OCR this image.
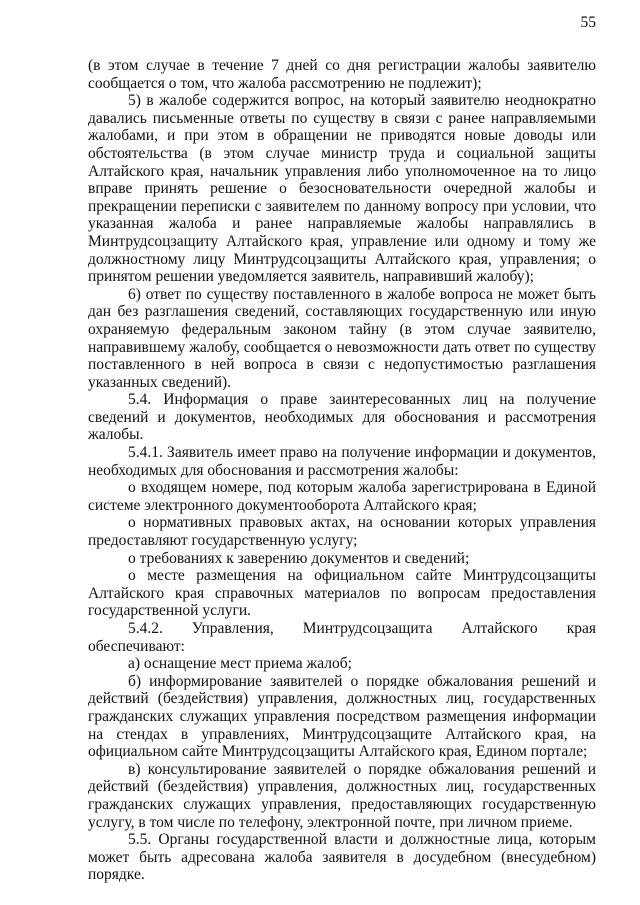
55

(в этом случае в течение 7 дней со дня регистрации жалобы заявителю сообщается о том, что жалоба рассмотрению не подлежит);

5) в жалобе содержится вопрос, на который заявителю неоднократно давались письменные ответы по существу в связи с ранее направляемыми жалобами, и при этом в обращении не приводятся новые доводы или обстоятельства (в этом случае министр труда и социальной защиты Алтайского края, начальник управления либо уполномоченное на то лицо вправе принять решение о безосновательности очередной жалобы и прекращении переписки с заявителем по данному вопросу при условии, что указанная жалоба и ранее направляемые жалобы направлялись в Минтрудсоцзащиту Алтайского края, управление или одному и тому же должностному лицу Минтрудсоцзащиты Алтайского края, управления; о принятом решении уведомляется заявитель, направивший жалобу);

6) ответ по существу поставленного в жалобе вопроса не может быть дан без разглашения сведений, составляющих государственную или иную охраняемую федеральным законом тайну (в этом случае заявителю, направившему жалобу, сообщается о невозможности дать ответ по существу поставленного в ней вопроса в связи с недопустимостью разглашения указанных сведений).

5.4. Информация о праве заинтересованных лиц на получение сведений и документов, необходимых для обоснования и рассмотрения жалобы.

5.4.1. Заявитель имеет право на получение информации и документов, необходимых для обоснования и рассмотрения жалобы:

о входящем номере, под которым жалоба зарегистрирована в Единой системе электронного документооборота Алтайского края;

о нормативных правовых актах, на основании которых управления предоставляют государственную услугу;

о требованиях к заверению документов и сведений;

о месте размещения на официальном сайте Минтрудсоцзащиты Алтайского края справочных материалов по вопросам предоставления государственной услуги.

5.4.2. Управления, Минтрудсоцзащита Алтайского края обеспечивают:

а) оснащение мест приема жалоб;

б) информирование заявителей о порядке обжалования решений и действий (бездействия) управления, должностных лиц, государственных гражданских служащих управления посредством размещения информации на стендах в управлениях, Минтрудсоцзащите Алтайского края, на официальном сайте Минтрудсоцзащиты Алтайского края, Едином портале;

в) консультирование заявителей о порядке обжалования решений и действий (бездействия) управления, должностных лиц, государственных гражданских служащих управления, предоставляющих государственную услугу, в том числе по телефону, электронной почте, при личном приеме.

5.5. Органы государственной власти и должностные лица, которым может быть адресована жалоба заявителя в досудебном (внесудебном) порядке.
